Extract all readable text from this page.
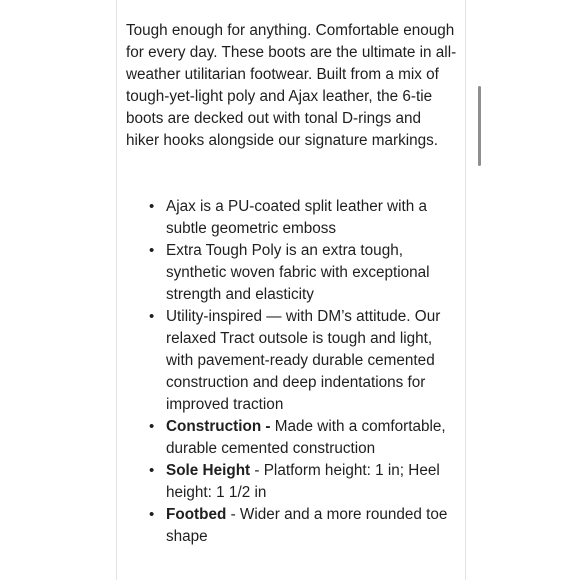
Tough enough for anything. Comfortable enough for every day. These boots are the ultimate in all-weather utilitarian footwear. Built from a mix of tough-yet-light poly and Ajax leather, the 6-tie boots are decked out with tonal D-rings and hiker hooks alongside our signature markings.

• Ajax is a PU-coated split leather with a subtle geometric emboss
• Extra Tough Poly is an extra tough, synthetic woven fabric with exceptional strength and elasticity
• Utility-inspired — with DM’s attitude. Our relaxed Tract outsole is tough and light, with pavement-ready durable cemented construction and deep indentations for improved traction
• Construction - Made with a comfortable, durable cemented construction
• Sole Height - Platform height: 1 in; Heel height: 1 1/2 in
• Footbed - Wider and a more rounded toe shape
